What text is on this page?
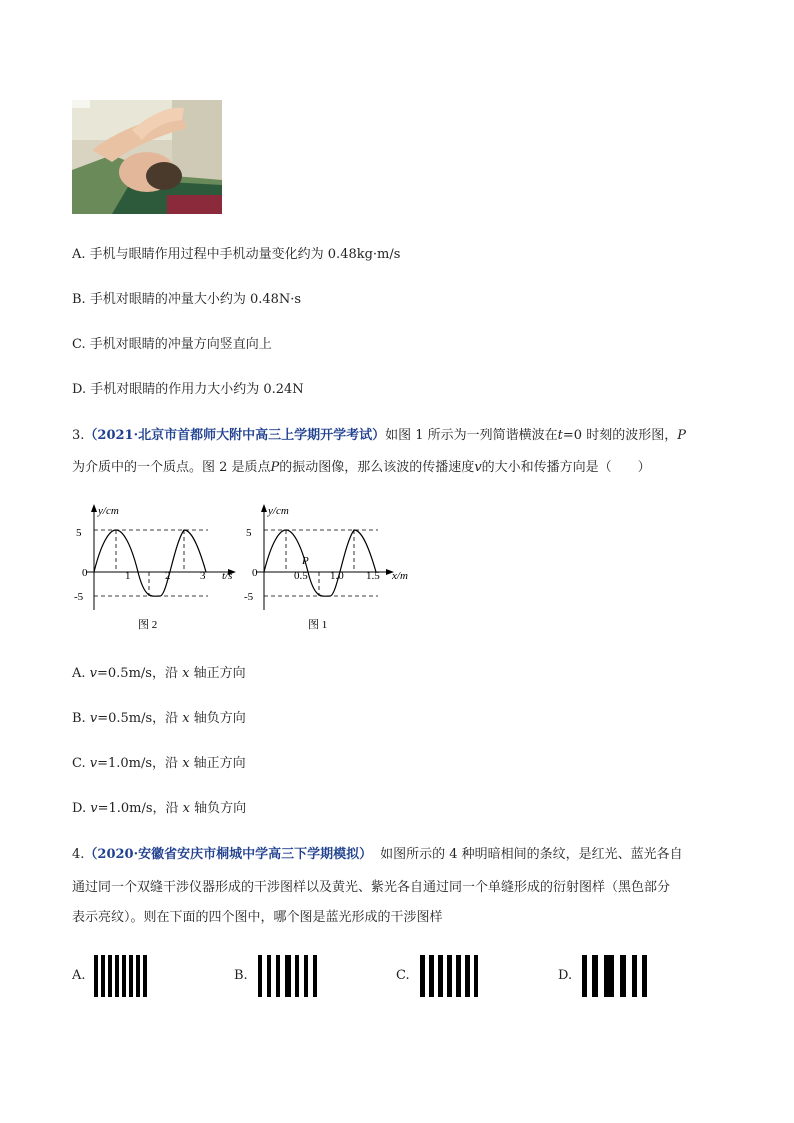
A. 手机与眼睛作用过程中手机动量变化约为 0.48kg·m/s
B. 手机对眼睛的冲量大小约为 0.48N·s
C. 手机对眼睛的冲量方向竖直向上
D. 手机对眼睛的作用力大小约为 0.24N
3.（2021·北京市首都师大附中高三上学期开学考试）如图 1 所示为一列简谐横波在t=0 时刻的波形图，P
为介质中的一个质点。图 2 是质点P的振动图像，那么该波的传播速度v的大小和传播方向是（　　）
y/cm
5
0
-5
1	2	3 t/s
图 2
y/cm
5
0
-5
P
0.5 1.0 1.5 x/m
图 1
A. v=0.5m/s，沿 x 轴正方向
B. v=0.5m/s，沿 x 轴负方向
C. v=1.0m/s，沿 x 轴正方向
D. v=1.0m/s，沿 x 轴负方向
4.（2020·安徽省安庆市桐城中学高三下学期模拟） 如图所示的 4 种明暗相间的条纹，是红光、蓝光各自
通过同一个双缝干涉仪器形成的干涉图样以及黄光、紫光各自通过同一个单缝形成的衍射图样（黑色部分
表示亮纹）。则在下面的四个图中，哪个图是蓝光形成的干涉图样
A.	B.	C.	D.
